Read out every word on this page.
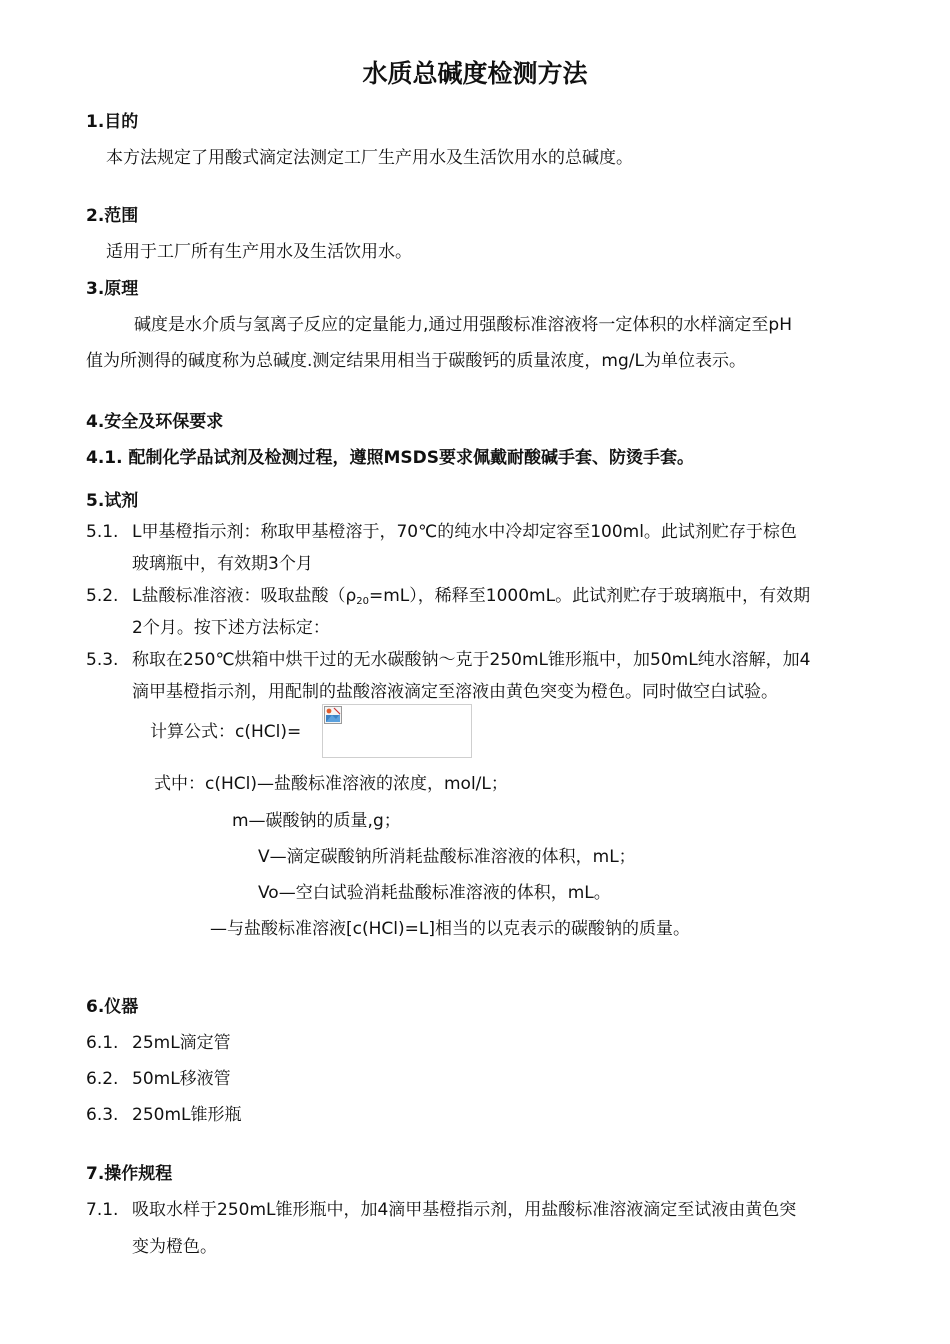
水质总碱度检测方法
1.目的
本方法规定了用酸式滴定法测定工厂生产用水及生活饮用水的总碱度。
2.范围
适用于工厂所有生产用水及生活饮用水。
3.原理
碱度是水介质与氢离子反应的定量能力,通过用强酸标准溶液将一定体积的水样滴定至pH
值为所测得的碱度称为总碱度.测定结果用相当于碳酸钙的质量浓度，mg/L为单位表示。
4.安全及环保要求
4.1. 配制化学品试剂及检测过程，遵照MSDS要求佩戴耐酸碱手套、防烫手套。
5.试剂
5.1. L甲基橙指示剂：称取甲基橙溶于，70℃的纯水中冷却定容至100ml。此试剂贮存于棕色
玻璃瓶中，有效期3个月
5.2. L盐酸标准溶液：吸取盐酸$(\rho_{20}=mL)$，稀释至1000mL。此试剂贮存于玻璃瓶中，有效期
2个月。按下述方法标定：
5.3. 称取在250℃烘箱中烘干过的无水碳酸钠～克于250mL锥形瓶中，加50mL纯水溶解，加4
滴甲基橙指示剂，用配制的盐酸溶液滴定至溶液由黄色突变为橙色。同时做空白试验。
计算公式：c(HCl)=
式中：c(HCl)—盐酸标准溶液的浓度，mol/L；
m—碳酸钠的质量,g；
V—滴定碳酸钠所消耗盐酸标准溶液的体积，mL；
Vo—空白试验消耗盐酸标准溶液的体积，mL。
—与盐酸标准溶液[c(HCl)=L]相当的以克表示的碳酸钠的质量。
6.仪器
6.1. 25mL滴定管
6.2. 50mL移液管
6.3. 250mL锥形瓶
7.操作规程
7.1. 吸取水样于250mL锥形瓶中，加4滴甲基橙指示剂，用盐酸标准溶液滴定至试液由黄色突
变为橙色。
